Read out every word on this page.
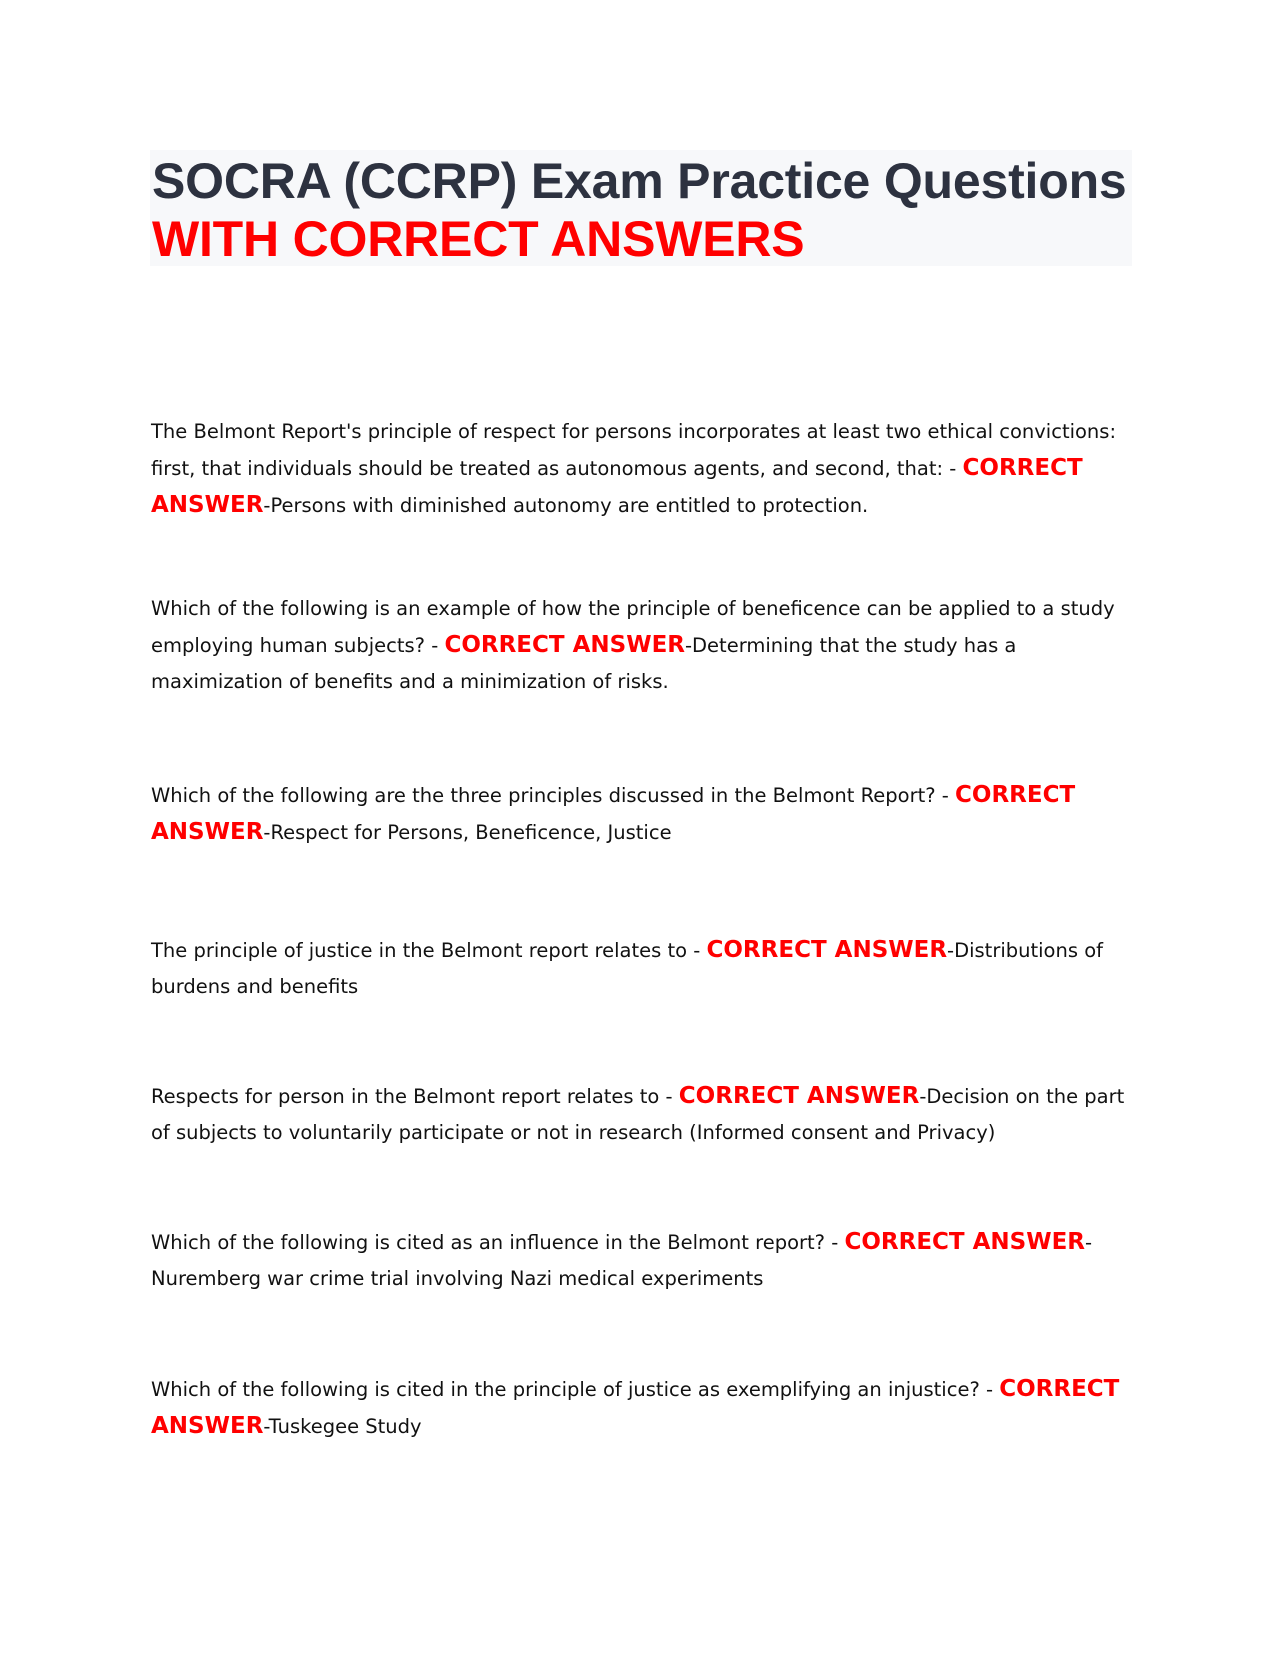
SOCRA (CCRP) Exam Practice Questions WITH CORRECT ANSWERS

The Belmont Report's principle of respect for persons incorporates at least two ethical convictions: first, that individuals should be treated as autonomous agents, and second, that: - CORRECT ANSWER-Persons with diminished autonomy are entitled to protection.

Which of the following is an example of how the principle of beneficence can be applied to a study employing human subjects? - CORRECT ANSWER-Determining that the study has a maximization of benefits and a minimization of risks.

Which of the following are the three principles discussed in the Belmont Report? - CORRECT ANSWER-Respect for Persons, Beneficence, Justice

The principle of justice in the Belmont report relates to - CORRECT ANSWER-Distributions of burdens and benefits

Respects for person in the Belmont report relates to - CORRECT ANSWER-Decision on the part of subjects to voluntarily participate or not in research (Informed consent and Privacy)

Which of the following is cited as an influence in the Belmont report? - CORRECT ANSWER-Nuremberg war crime trial involving Nazi medical experiments

Which of the following is cited in the principle of justice as exemplifying an injustice? - CORRECT ANSWER-Tuskegee Study
